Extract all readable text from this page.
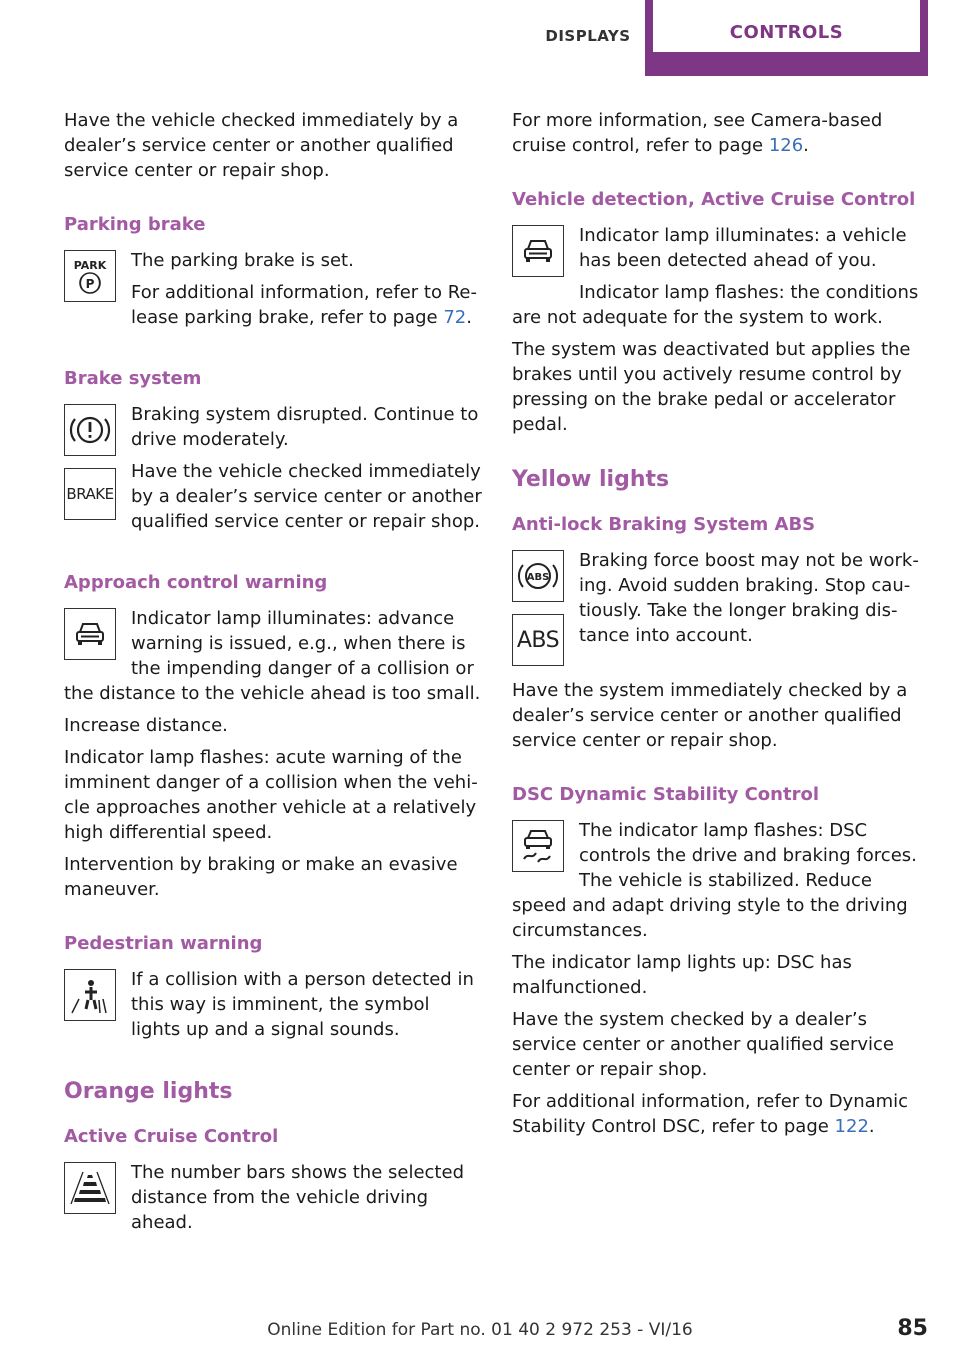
DISPLAYS	CONTROLS

Have the vehicle checked immediately by a dealer’s service center or another qualified service center or repair shop.

Parking brake
PARK
P

The parking brake is set.

For additional information, refer to Release parking brake, refer to page 72.

Brake system
BRAKE

Braking system disrupted. Continue to drive moderately.

Have the vehicle checked immediately by a dealer’s service center or another qualified service center or repair shop.

Approach control warning

Indicator lamp illuminates: advance warning is issued, e.g., when there is the impending danger of a collision or the distance to the vehicle ahead is too small.

Increase distance.

Indicator lamp flashes: acute warning of the imminent danger of a collision when the vehicle approaches another vehicle at a relatively high differential speed.

Intervention by braking or make an evasive maneuver.

Pedestrian warning

If a collision with a person detected in this way is imminent, the symbol lights up and a signal sounds.

Orange lights
Active Cruise Control

The number bars shows the selected distance from the vehicle driving ahead.

For more information, see Camera-based cruise control, refer to page 126.

Vehicle detection, Active Cruise Control

Indicator lamp illuminates: a vehicle has been detected ahead of you.

Indicator lamp flashes: the conditions are not adequate for the system to work.

The system was deactivated but applies the brakes until you actively resume control by pressing on the brake pedal or accelerator pedal.

Yellow lights
Anti-lock Braking System ABS
ABS
ABS

Braking force boost may not be working. Avoid sudden braking. Stop cautiously. Take the longer braking distance into account.

Have the system immediately checked by a dealer’s service center or another qualified service center or repair shop.

DSC Dynamic Stability Control

The indicator lamp flashes: DSC controls the drive and braking forces. The vehicle is stabilized. Reduce speed and adapt driving style to the driving circumstances.

The indicator lamp lights up: DSC has malfunctioned.

Have the system checked by a dealer’s service center or another qualified service center or repair shop.

For additional information, refer to Dynamic Stability Control DSC, refer to page 122.

Online Edition for Part no. 01 40 2 972 253 - VI/16	85
